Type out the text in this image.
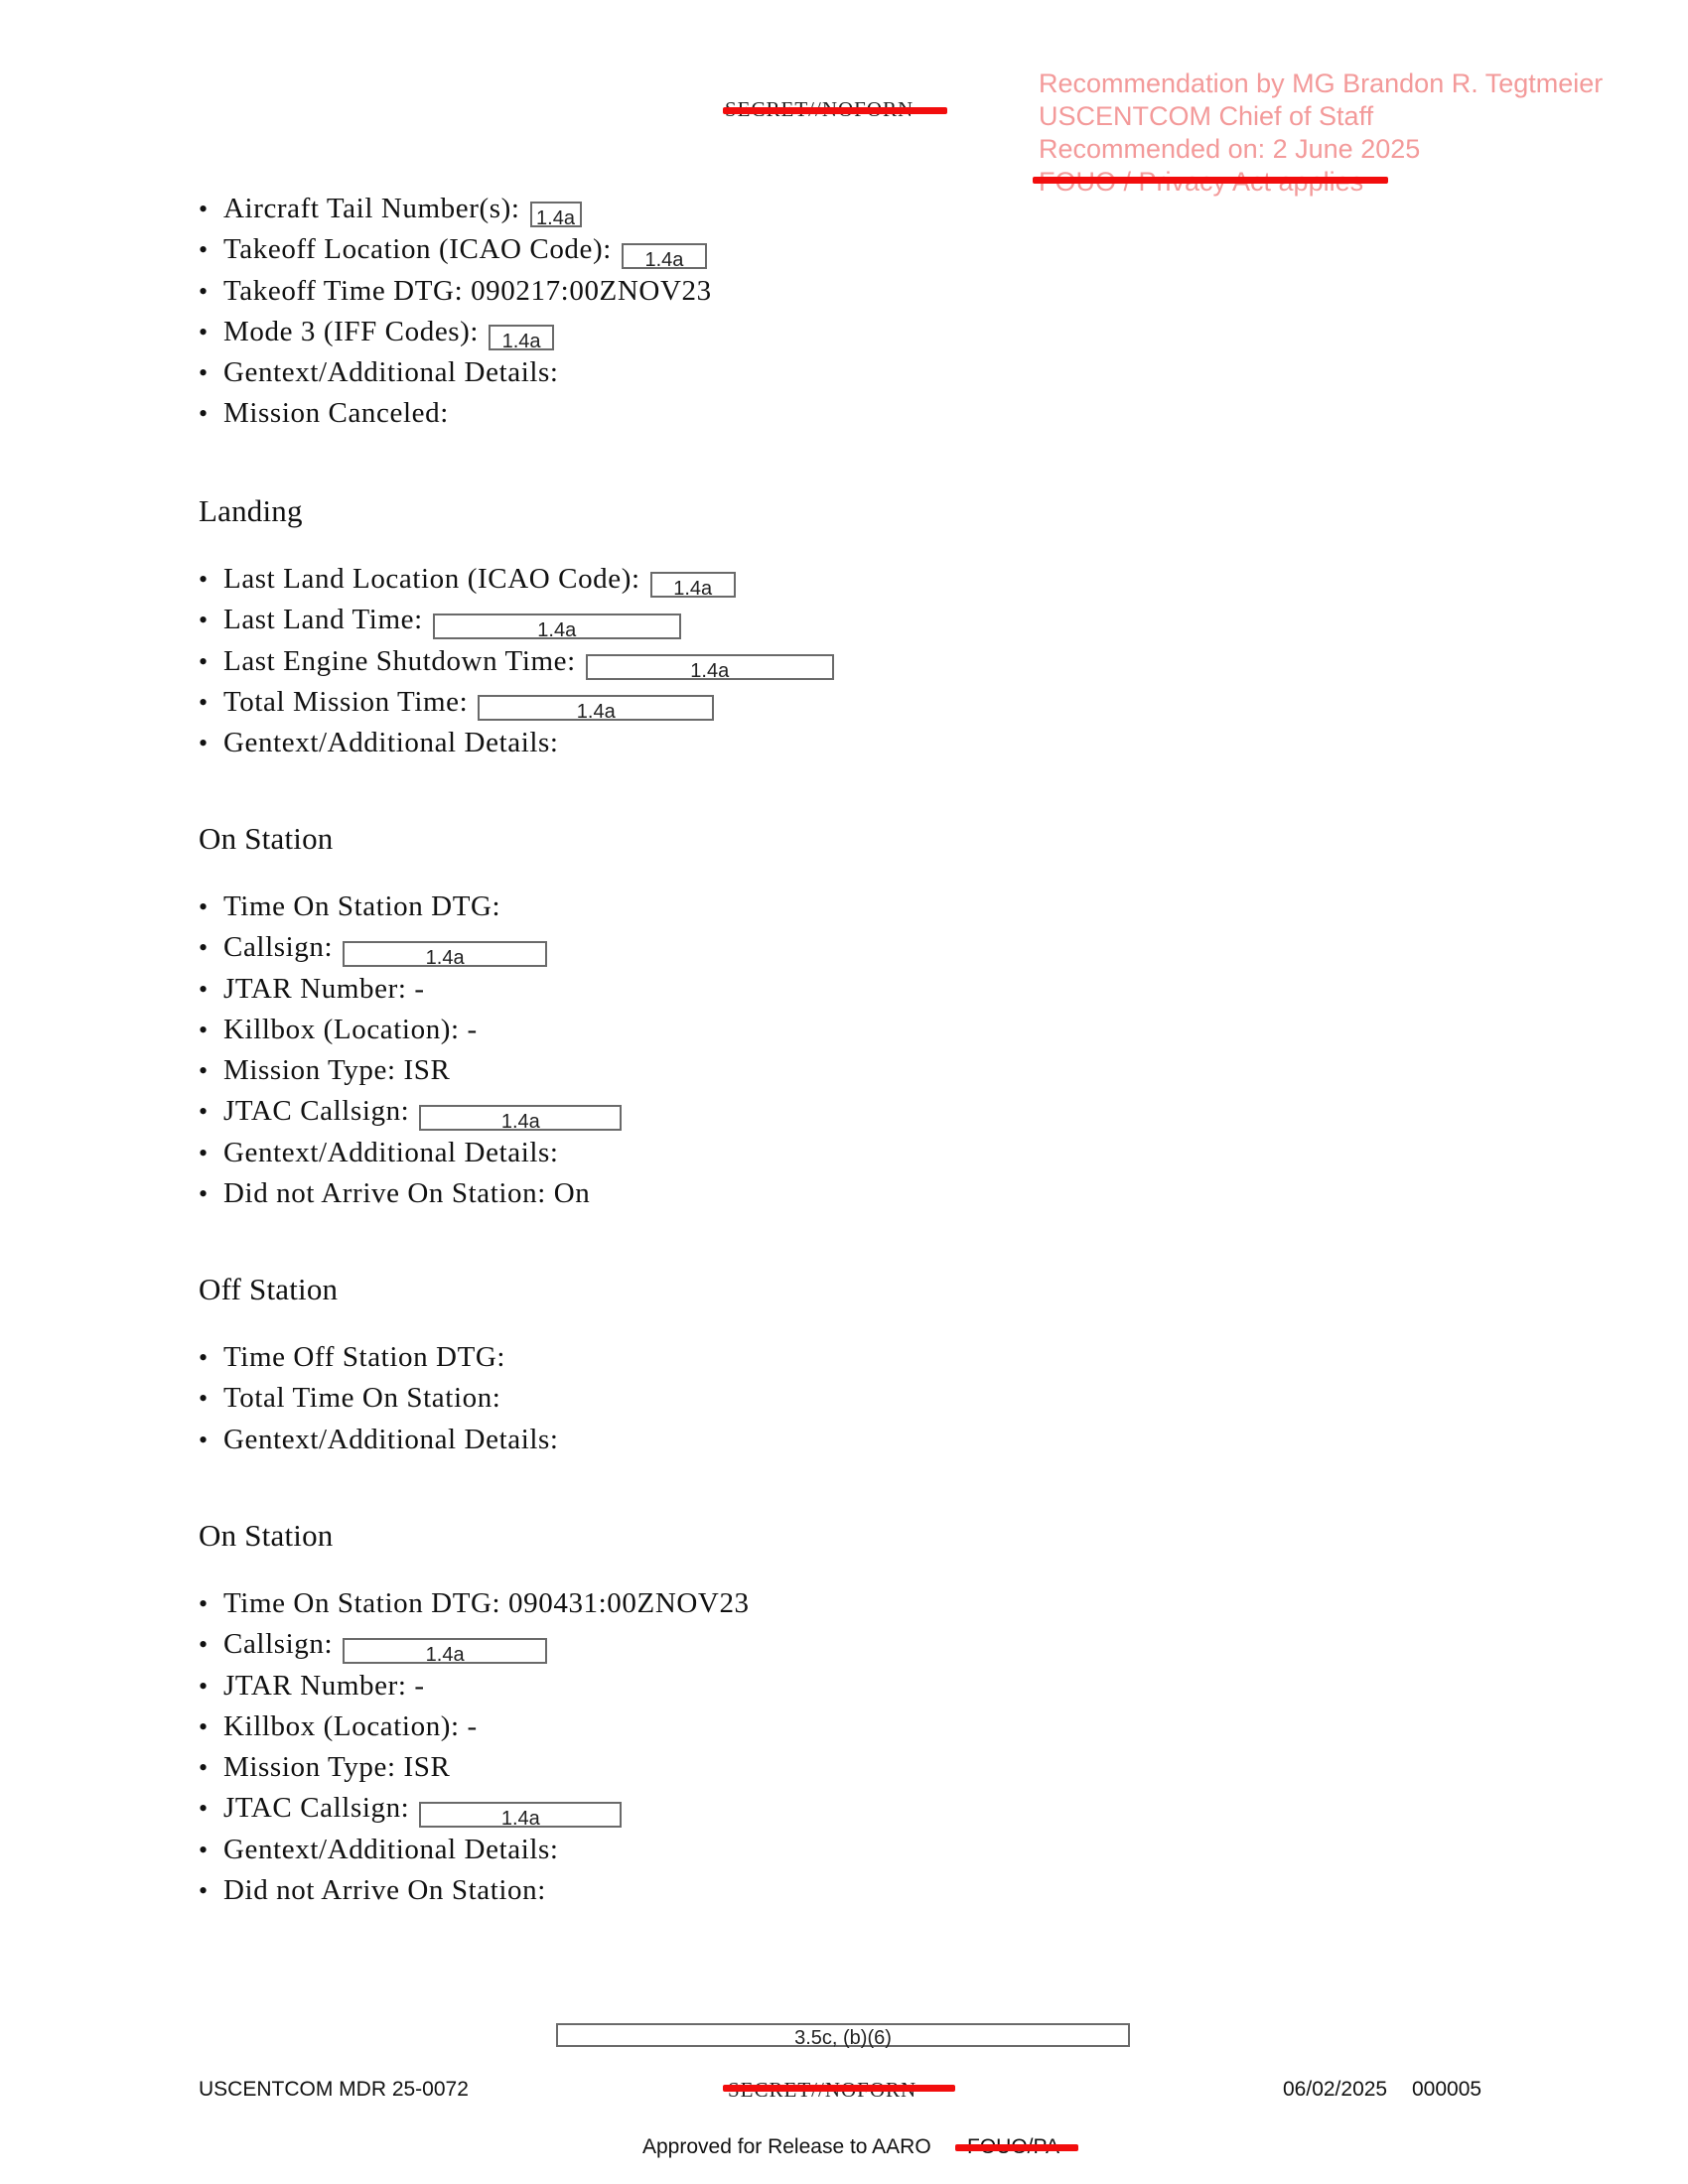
Recommendation by MG Brandon R. Tegtmeier
USCENTCOM Chief of Staff
Recommended on: 2 June 2025
• Aircraft Tail Number(s): 1.4a
• Takeoff Location (ICAO Code): 1.4a
• Takeoff Time DTG: 090217:00ZNOV23
• Mode 3 (IFF Codes): 1.4a
• Gentext/Additional Details:
• Mission Canceled:
Landing
• Last Land Location (ICAO Code): 1.4a
• Last Land Time:	1.4a
• Last Engine Shutdown Time:	1.4a
• Total Mission Time:	1.4a
• Gentext/Additional Details:
On Station
• Time On Station DTG:
• Callsign:	1.4a
• JTAR Number: -
• Killbox (Location): -
• Mission Type: ISR
• JTAC Callsign:	1.4a
• Gentext/Additional Details:
• Did not Arrive On Station: On
Off Station
• Time Off Station DTG:
• Total Time On Station:
• Gentext/Additional Details:
On Station
• Time On Station DTG: 090431:00ZNOV23
• Callsign:	1.4a
• JTAR Number: -
• Killbox (Location): -
• Mission Type: ISR
• JTAC Callsign:	1.4a
• Gentext/Additional Details:
• Did not Arrive On Station:
3.5c, (b)(6)
USCENTCOM MDR 25-0072	06/02/2025 000005
Approved for Release to AARO
